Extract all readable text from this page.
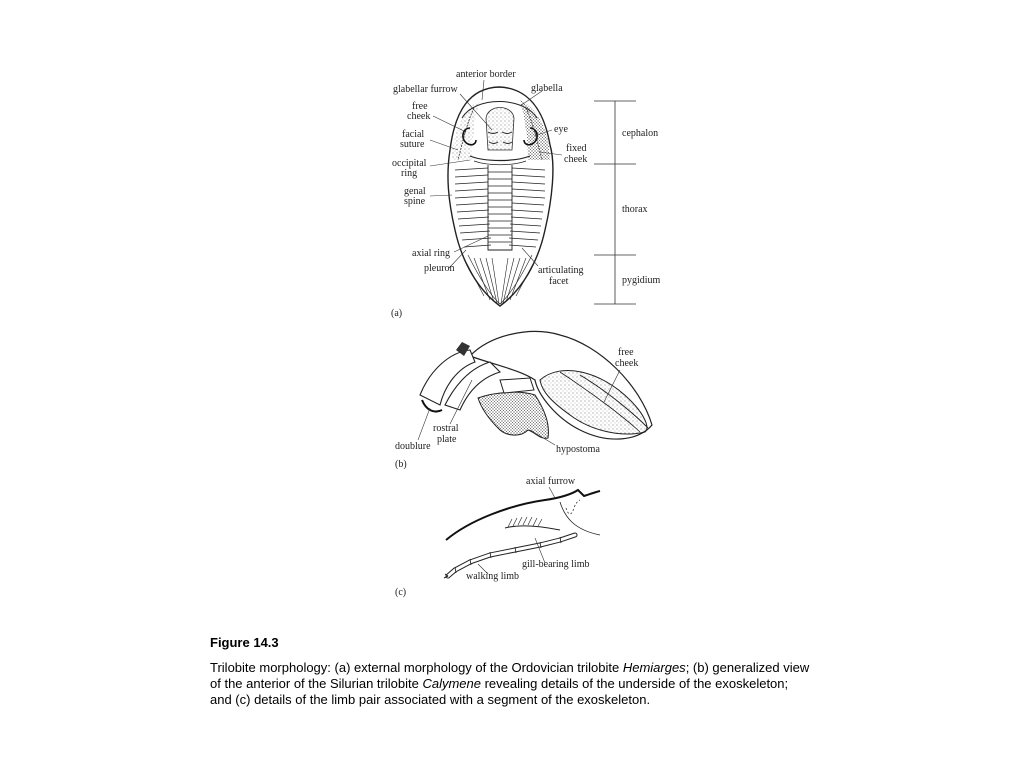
anterior border
glabellar furrow	glabella
free
cheek
facial
suture
occipital
ring
genal
spine
eye
fixed
cheek
axial ring
pleuron	articulating
facet
cephalon
thorax
pygidium
(a)
free
cheek
rostral
plate
doublure	hypostoma
(b)
axial furrow
gill-bearing limb
walking limb
(c)

Figure 14.3

Trilobite morphology: (a) external morphology of the Ordovician trilobite Hemiarges; (b) generalized view of the anterior of the Silurian trilobite Calymene revealing details of the underside of the exoskeleton; and (c) details of the limb pair associated with a segment of the exoskeleton.
